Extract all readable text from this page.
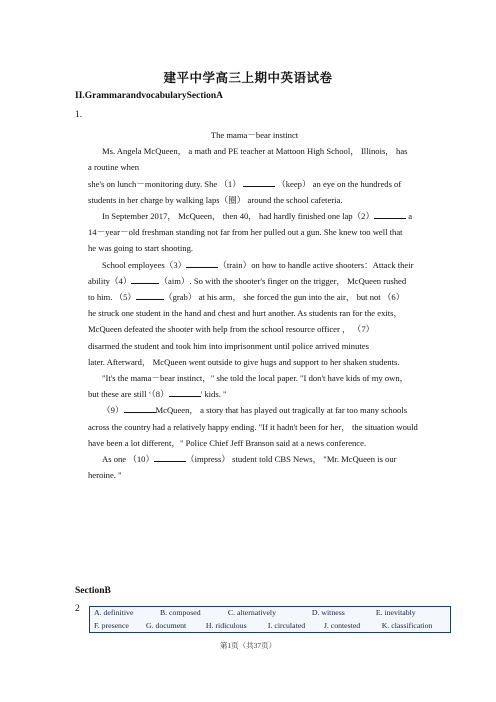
建平中学高三上期中英语试卷
II.GrammarandvocabularySectionA
1.

The mama－bear instinct

Ms. Angela McQueen， a math and PE teacher at Mattoon High School， Illinois， has

a routine when

she's on lunch－monitoring duty. She （1）	（keep） an eye on the hundreds of

students in her charge by walking laps（圈） around the school cafeteria.

In September 2017， McQueen， then 40， had hardly finished one lap（2）	a

14－year－old freshman standing not far from her pulled out a gun. She knew too well that

he was going to start shooting.

School employees（3）	（train）on how to handle active shooters：Attack their

ability（4）	（aim）. So with the shooter's finger on the trigger， McQueen rushed

to him. （5）	（grab） at his arm， she forced the gun into the air， but not （6）

he struck one student in the hand and chest and hurt another. As students ran for the exits，

McQueen defeated the shooter with help from the school resource officer ， （7）

disarmed the student and took him into imprisonment until police arrived minutes

later. Afterward， McQueen went outside to give hugs and support to her shaken students.

"It's the mama－bear instinct，" she told the local paper. "I don't have kids of my own，

but these are still ‘（8）	' kids. "

（9）	McQueen， a story that has played out tragically at far too many schools

across the country had a relatively happy ending. "If it hadn't been for her， the situation would

have been a lot different，" Police Chief Jeff Branson said at a news conference.

As one （10）	（impress） student told CBS News， "Mr. McQueen is our

heroine. "

SectionB
2 A. definitive	B. composed	C. alternatively	D. witness	E. inevitably
F. presence G. document	H. ridiculous	I. circulated J. contested	K. classification
第1页（共37页）
